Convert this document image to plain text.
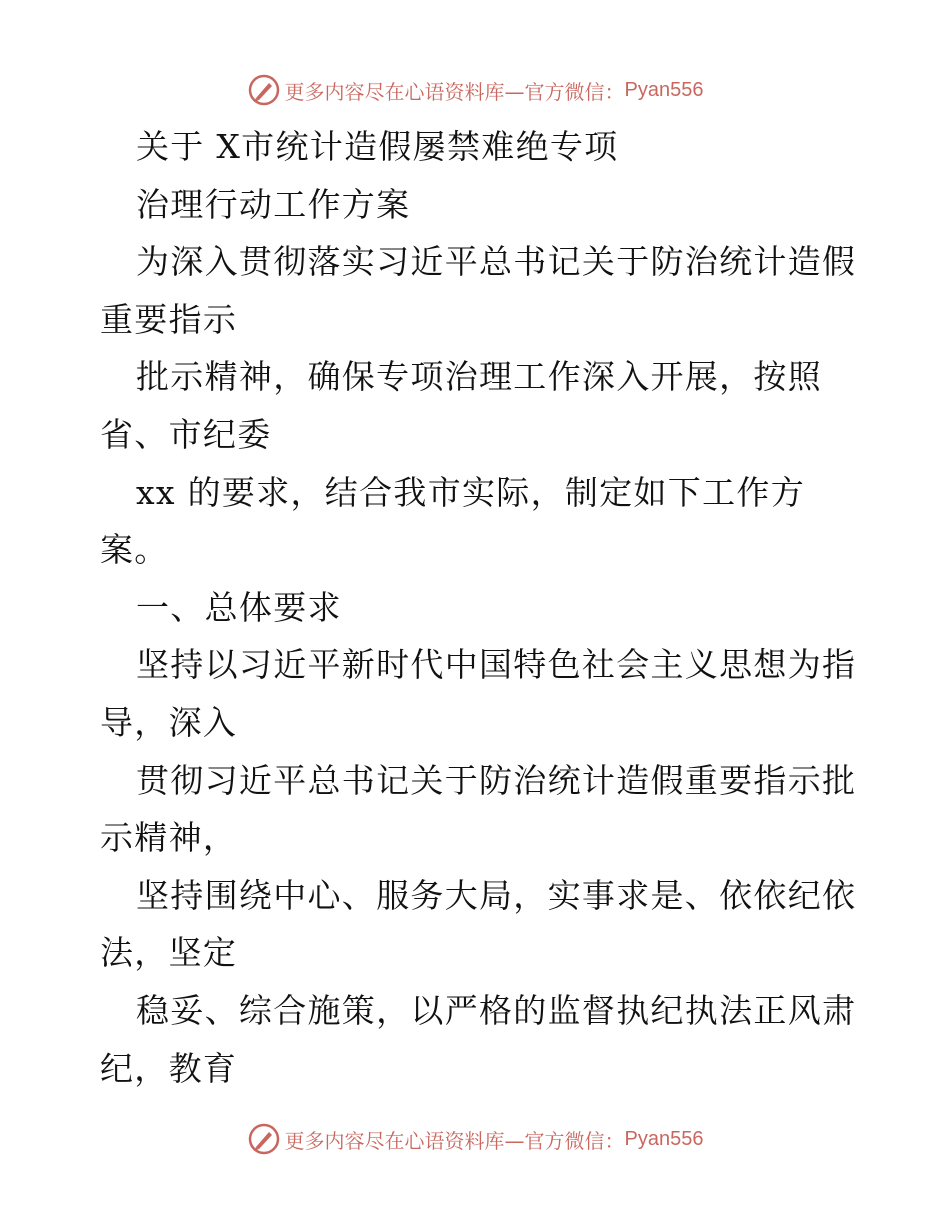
更多内容尽在心语资料库—官方微信： Pyan556
关于 X市统计造假屡禁难绝专项
治理行动工作方案
为深入贯彻落实习近平总书记关于防治统计造假
重要指示
批示精神，确保专项治理工作深入开展，按照
省、市纪委
xx 的要求，结合我市实际，制定如下工作方
案。
一、总体要求
坚持以习近平新时代中国特色社会主义思想为指
导，深入
贯彻习近平总书记关于防治统计造假重要指示批
示精神，
坚持围绕中心、服务大局，实事求是、依依纪依
法，坚定
稳妥、综合施策，以严格的监督执纪执法正风肃
纪，教育
更多内容尽在心语资料库—官方微信： Pyan556
